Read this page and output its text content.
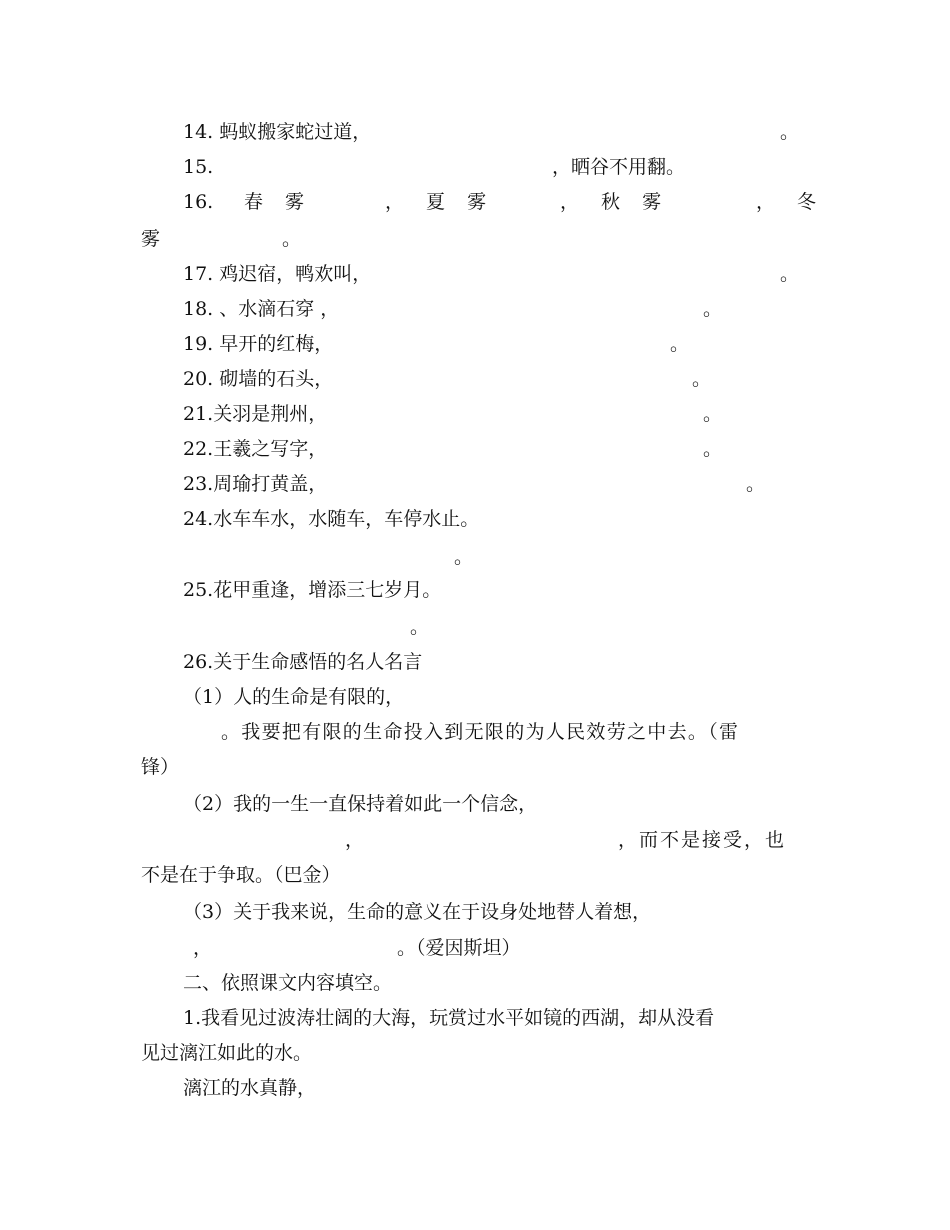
14. 蚂蚁搬家蛇过道，	。
15.	，晒谷不用翻。
16. 春 雾	， 夏 雾	， 秋 雾	， 冬
雾	。
17. 鸡迟宿，鸭欢叫，	。
18. 、水滴石穿 ，	。
19. 早开的红梅，	。
20. 砌墙的石头，	。
21.关羽是荆州，	。
22.王羲之写字，	。
23.周瑜打黄盖，	。
24.水车车水，水随车，车停水止。
。
25.花甲重逢，增添三七岁月。
。
26.关于生命感悟的名人名言
（1）人的生命是有限的，
。我要把有限的生命投入到无限的为人民效劳之中去。（雷
锋）
（2）我的一生一直保持着如此一个信念，
，	，而不是接受，也
不是在于争取。（巴金）
（3）关于我来说，生命的意义在于设身处地替人着想，
，	。（爱因斯坦）
二、依照课文内容填空。
1.我看见过波涛壮阔的大海，玩赏过水平如镜的西湖，却从没看
见过漓江如此的水。
漓江的水真静，
